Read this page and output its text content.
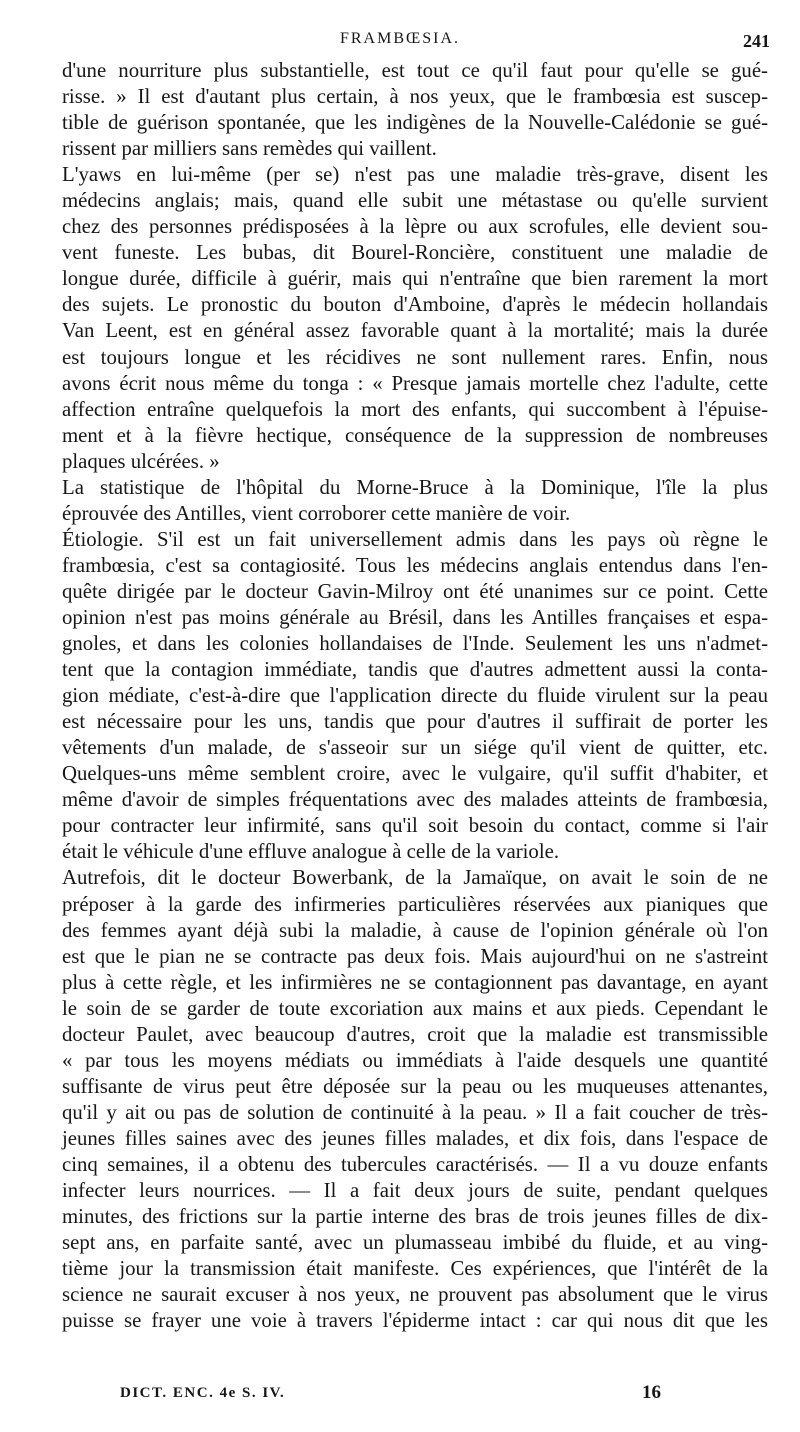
FRAMBŒSIA.	241
d'une nourriture plus substantielle, est tout ce qu'il faut pour qu'elle se gué-
risse. » Il est d'autant plus certain, à nos yeux, que le frambœsia est suscep-
tible de guérison spontanée, que les indigènes de la Nouvelle-Calédonie se gué-
rissent par milliers sans remèdes qui vaillent.
L'yaws en lui-même (per se) n'est pas une maladie très-grave, disent les
médecins anglais; mais, quand elle subit une métastase ou qu'elle survient
chez des personnes prédisposées à la lèpre ou aux scrofules, elle devient sou-
vent funeste. Les bubas, dit Bourel-Roncière, constituent une maladie de
longue durée, difficile à guérir, mais qui n'entraîne que bien rarement la mort
des sujets. Le pronostic du bouton d'Amboine, d'après le médecin hollandais
Van Leent, est en général assez favorable quant à la mortalité; mais la durée
est toujours longue et les récidives ne sont nullement rares. Enfin, nous
avons écrit nous même du tonga : « Presque jamais mortelle chez l'adulte, cette
affection entraîne quelquefois la mort des enfants, qui succombent à l'épuise-
ment et à la fièvre hectique, conséquence de la suppression de nombreuses
plaques ulcérées. »
La statistique de l'hôpital du Morne-Bruce à la Dominique, l'île la plus
éprouvée des Antilles, vient corroborer cette manière de voir.
Étiologie. S'il est un fait universellement admis dans les pays où règne le
frambœsia, c'est sa contagiosité. Tous les médecins anglais entendus dans l'en-
quête dirigée par le docteur Gavin-Milroy ont été unanimes sur ce point. Cette
opinion n'est pas moins générale au Brésil, dans les Antilles françaises et espa-
gnoles, et dans les colonies hollandaises de l'Inde. Seulement les uns n'admet-
tent que la contagion immédiate, tandis que d'autres admettent aussi la conta-
gion médiate, c'est-à-dire que l'application directe du fluide virulent sur la peau
est nécessaire pour les uns, tandis que pour d'autres il suffirait de porter les
vêtements d'un malade, de s'asseoir sur un siége qu'il vient de quitter, etc.
Quelques-uns même semblent croire, avec le vulgaire, qu'il suffit d'habiter, et
même d'avoir de simples fréquentations avec des malades atteints de frambœsia,
pour contracter leur infirmité, sans qu'il soit besoin du contact, comme si l'air
était le véhicule d'une effluve analogue à celle de la variole.
Autrefois, dit le docteur Bowerbank, de la Jamaïque, on avait le soin de ne
préposer à la garde des infirmeries particulières réservées aux pianiques que
des femmes ayant déjà subi la maladie, à cause de l'opinion générale où l'on
est que le pian ne se contracte pas deux fois. Mais aujourd'hui on ne s'astreint
plus à cette règle, et les infirmières ne se contagionnent pas davantage, en ayant
le soin de se garder de toute excoriation aux mains et aux pieds. Cependant le
docteur Paulet, avec beaucoup d'autres, croit que la maladie est transmissible
« par tous les moyens médiats ou immédiats à l'aide desquels une quantité
suffisante de virus peut être déposée sur la peau ou les muqueuses attenantes,
qu'il y ait ou pas de solution de continuité à la peau. » Il a fait coucher de très-
jeunes filles saines avec des jeunes filles malades, et dix fois, dans l'espace de
cinq semaines, il a obtenu des tubercules caractérisés. — Il a vu douze enfants
infecter leurs nourrices. — Il a fait deux jours de suite, pendant quelques
minutes, des frictions sur la partie interne des bras de trois jeunes filles de dix-
sept ans, en parfaite santé, avec un plumasseau imbibé du fluide, et au ving-
tième jour la transmission était manifeste. Ces expériences, que l'intérêt de la
science ne saurait excuser à nos yeux, ne prouvent pas absolument que le virus
puisse se frayer une voie à travers l'épiderme intact : car qui nous dit que les
DICT. ENC. 4e S. IV.	16
